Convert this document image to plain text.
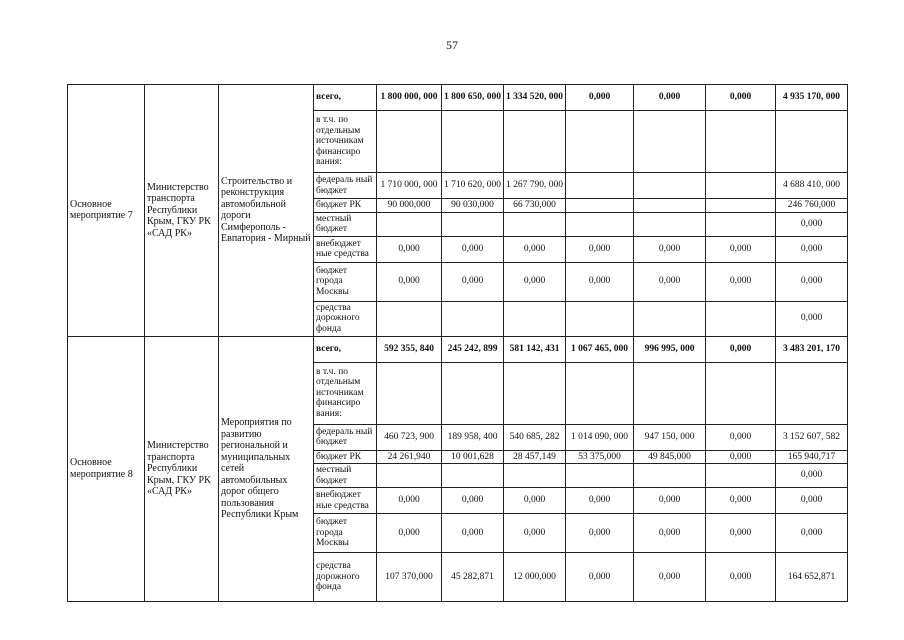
57
Основное мероприятие 7	Министерство транспорта Республики Крым, ГКУ РК «САД РК»	Строительство и реконструкция автомобильной дороги Симферополь - Евпатория - Мирный	всего,	1 800 000, 000	1 800 650, 000	1 334 520, 000	0,000	0,000	0,000	4 935 170, 000
			в т.ч. по отдельным источникам финансиро вания:							
			федераль ный бюджет	1 710 000, 000	1 710 620, 000	1 267 790, 000				4 688 410, 000
			бюджет РК	90 000,000	90 030,000	66 730,000				246 760,000
			местный бюджет							0,000
			внебюджет ные средства	0,000	0,000	0,000	0,000	0,000	0,000	0,000
			бюджет города Москвы	0,000	0,000	0,000	0,000	0,000	0,000	0,000
			средства дорожного фонда							0,000
Основное мероприятие 8	Министерство транспорта Республики Крым, ГКУ РК «САД РК»	Мероприятия по развитию региональной и муниципальных сетей автомобильных дорог общего пользования Республики Крым	всего,	592 355, 840	245 242, 899	581 142, 431	1 067 465, 000	996 995, 000	0,000	3 483 201, 170
			в т.ч. по отдельным источникам финансиро вания:							
			федераль ный бюджет	460 723, 900	189 958, 400	540 685, 282	1 014 090, 000	947 150, 000	0,000	3 152 607, 582
			бюджет РК	24 261,940	10 001,628	28 457,149	53 375,000	49 845,000	0,000	165 940,717
			местный бюджет							0,000
			внебюджет ные средства	0,000	0,000	0,000	0,000	0,000	0,000	0,000
			бюджет города Москвы	0,000	0,000	0,000	0,000	0,000	0,000	0,000
			средства дорожного фонда	107 370,000	45 282,871	12 000,000	0,000	0,000	0,000	164 652,871
